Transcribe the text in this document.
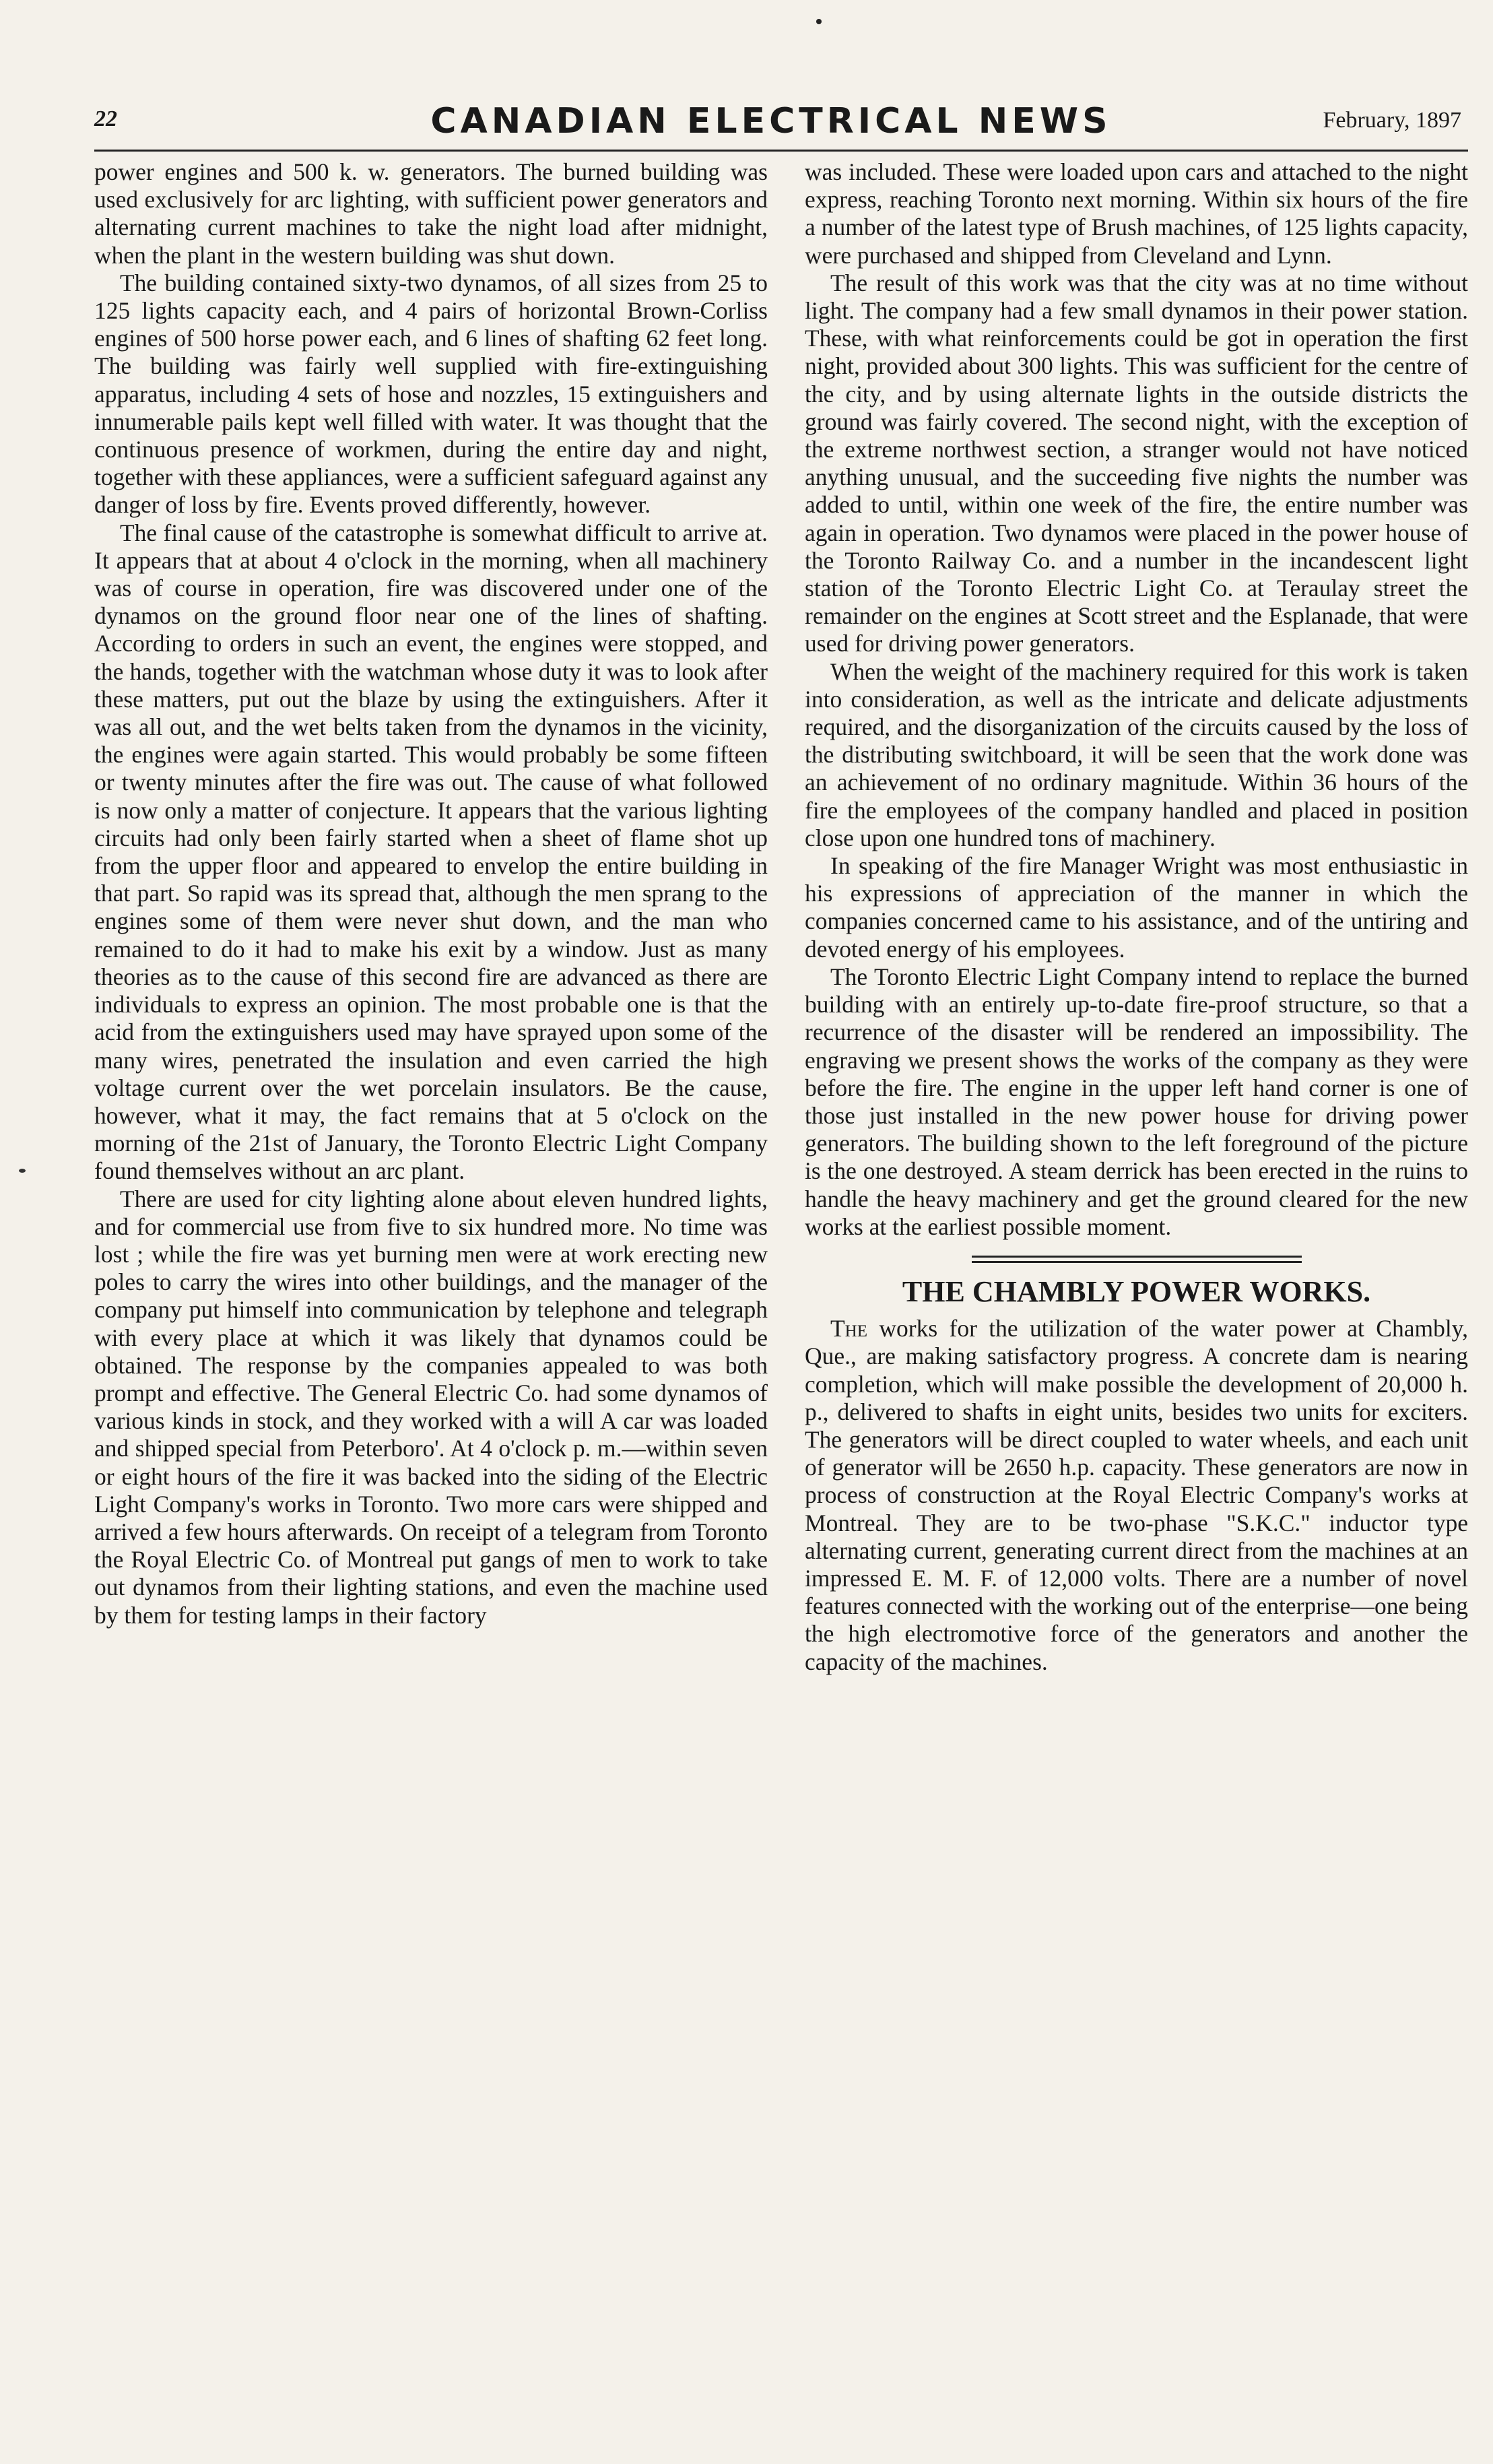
22	CANADIAN ELECTRICAL NEWS	February, 1897

power engines and 500 k. w. generators. The burned building was used exclusively for arc lighting, with sufficient power generators and alternating current machines to take the night load after midnight, when the plant in the western building was shut down.

The building contained sixty-two dynamos, of all sizes from 25 to 125 lights capacity each, and 4 pairs of horizontal Brown-Corliss engines of 500 horse power each, and 6 lines of shafting 62 feet long. The building was fairly well supplied with fire-extinguishing apparatus, including 4 sets of hose and nozzles, 15 extinguishers and innumerable pails kept well filled with water. It was thought that the continuous presence of workmen, during the entire day and night, together with these appliances, were a sufficient safeguard against any danger of loss by fire. Events proved differently, however.

The final cause of the catastrophe is somewhat difficult to arrive at. It appears that at about 4 o'clock in the morning, when all machinery was of course in operation, fire was discovered under one of the dynamos on the ground floor near one of the lines of shafting. According to orders in such an event, the engines were stopped, and the hands, together with the watchman whose duty it was to look after these matters, put out the blaze by using the extinguishers. After it was all out, and the wet belts taken from the dynamos in the vicinity, the engines were again started. This would probably be some fifteen or twenty minutes after the fire was out. The cause of what followed is now only a matter of conjecture. It appears that the various lighting circuits had only been fairly started when a sheet of flame shot up from the upper floor and appeared to envelop the entire building in that part. So rapid was its spread that, although the men sprang to the engines some of them were never shut down, and the man who remained to do it had to make his exit by a window. Just as many theories as to the cause of this second fire are advanced as there are individuals to express an opinion. The most probable one is that the acid from the extinguishers used may have sprayed upon some of the many wires, penetrated the insulation and even carried the high voltage current over the wet porcelain insulators. Be the cause, however, what it may, the fact remains that at 5 o'clock on the morning of the 21st of January, the Toronto Electric Light Company found themselves without an arc plant.

There are used for city lighting alone about eleven hundred lights, and for commercial use from five to six hundred more. No time was lost ; while the fire was yet burning men were at work erecting new poles to carry the wires into other buildings, and the manager of the company put himself into communication by telephone and telegraph with every place at which it was likely that dynamos could be obtained. The response by the companies appealed to was both prompt and effective. The General Electric Co. had some dynamos of various kinds in stock, and they worked with a will A car was loaded and shipped special from Peterboro'. At 4 o'clock p. m.—within seven or eight hours of the fire it was backed into the siding of the Electric Light Company's works in Toronto. Two more cars were shipped and arrived a few hours afterwards. On receipt of a telegram from Toronto the Royal Electric Co. of Montreal put gangs of men to work to take out dynamos from their lighting stations, and even the machine used by them for testing lamps in their factory

was included. These were loaded upon cars and attached to the night express, reaching Toronto next morning. Within six hours of the fire a number of the latest type of Brush machines, of 125 lights capacity, were purchased and shipped from Cleveland and Lynn.

The result of this work was that the city was at no time without light. The company had a few small dynamos in their power station. These, with what reinforcements could be got in operation the first night, provided about 300 lights. This was sufficient for the centre of the city, and by using alternate lights in the outside districts the ground was fairly covered. The second night, with the exception of the extreme northwest section, a stranger would not have noticed anything unusual, and the succeeding five nights the number was added to until, within one week of the fire, the entire number was again in operation. Two dynamos were placed in the power house of the Toronto Railway Co. and a number in the incandescent light station of the Toronto Electric Light Co. at Teraulay street the remainder on the engines at Scott street and the Esplanade, that were used for driving power generators.

When the weight of the machinery required for this work is taken into consideration, as well as the intricate and delicate adjustments required, and the disorganization of the circuits caused by the loss of the distributing switchboard, it will be seen that the work done was an achievement of no ordinary magnitude. Within 36 hours of the fire the employees of the company handled and placed in position close upon one hundred tons of machinery.

In speaking of the fire Manager Wright was most enthusiastic in his expressions of appreciation of the manner in which the companies concerned came to his assistance, and of the untiring and devoted energy of his employees.

The Toronto Electric Light Company intend to replace the burned building with an entirely up-to-date fire-proof structure, so that a recurrence of the disaster will be rendered an impossibility. The engraving we present shows the works of the company as they were before the fire. The engine in the upper left hand corner is one of those just installed in the new power house for driving power generators. The building shown to the left foreground of the picture is the one destroyed. A steam derrick has been erected in the ruins to handle the heavy machinery and get the ground cleared for the new works at the earliest possible moment.

THE CHAMBLY POWER WORKS.

The works for the utilization of the water power at Chambly, Que., are making satisfactory progress. A concrete dam is nearing completion, which will make possible the development of 20,000 h. p., delivered to shafts in eight units, besides two units for exciters. The generators will be direct coupled to water wheels, and each unit of generator will be 2650 h.p. capacity. These generators are now in process of construction at the Royal Electric Company's works at Montreal. They are to be two-phase "S.K.C." inductor type alternating current, generating current direct from the machines at an impressed E. M. F. of 12,000 volts. There are a number of novel features connected with the working out of the enterprise—one being the high electromotive force of the generators and another the capacity of the machines.
